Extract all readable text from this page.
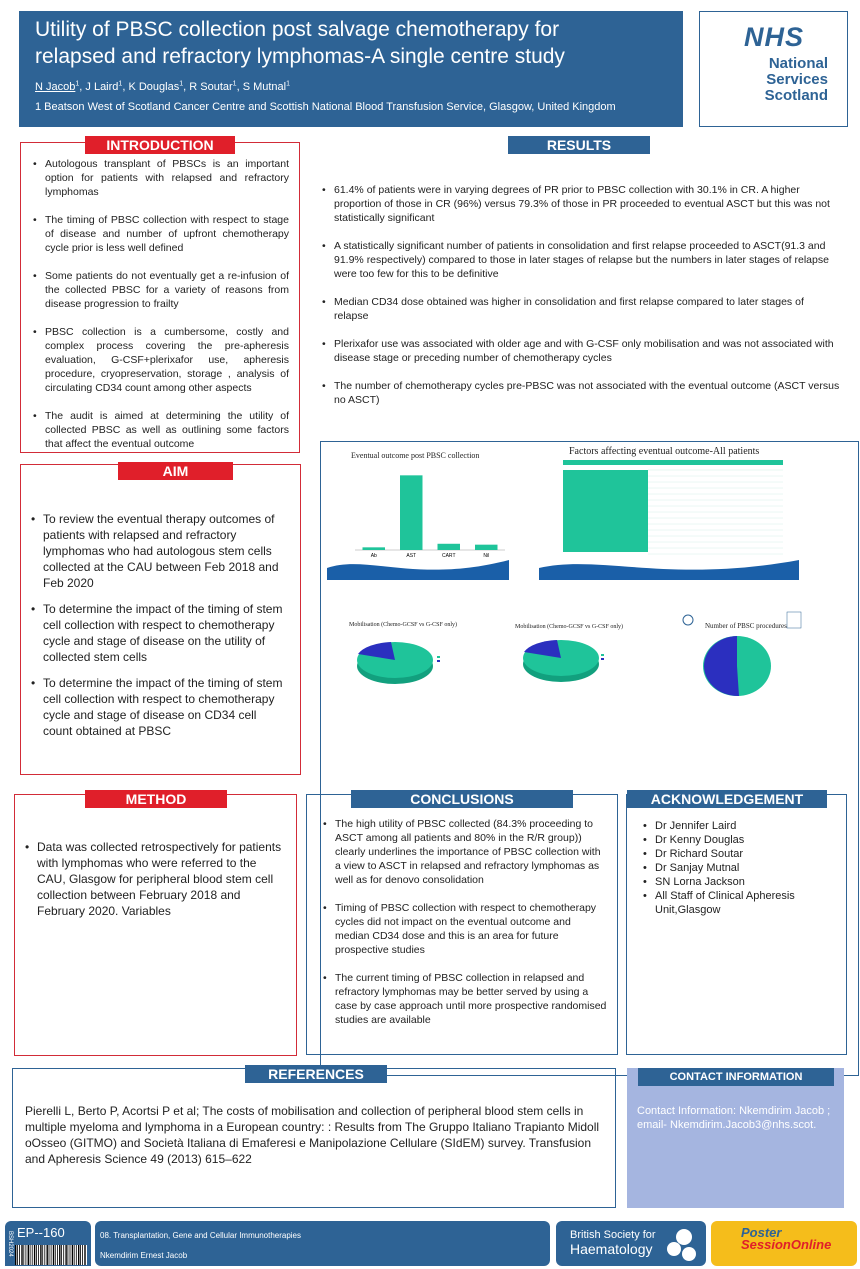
Utility of PBSC collection post salvage chemotherapy for
relapsed and refractory lymphomas-A single centre study
N Jacob$^1$, J Laird$^1$, K Douglas$^1$, R Soutar$^1$, S Mutnal$^1$
1 Beatson West of Scotland Cancer Centre and Scottish National Blood Transfusion Service, Glasgow, United Kingdom
NHS
National
Services
Scotland
INTRODUCTION
• Autologous transplant of PBSCs is an important option for patients with relapsed and refractory lymphomas
• The timing of PBSC collection with respect to stage of disease and number of upfront chemotherapy cycle prior is less well defined
• Some patients do not eventually get a re-infusion of the collected PBSC for a variety of reasons from disease progression to frailty
• PBSC collection is a cumbersome, costly and complex process covering the pre-apheresis evaluation, G-CSF+plerixafor use, apheresis procedure, cryopreservation, storage , analysis of circulating CD34 count among other aspects
• The audit is aimed at determining the utility of collected PBSC as well as outlining some factors that affect the eventual outcome
AIM
• To review the eventual therapy outcomes of patients with relapsed and refractory lymphomas who had autologous stem cells collected at the CAU between Feb 2018 and Feb 2020
• To determine the impact of the timing of stem cell collection with respect to chemotherapy cycle and stage of disease on the utility of collected stem cells
• To determine the impact of the timing of stem cell collection with respect to chemotherapy cycle and stage of disease on CD34 cell count obtained at PBSC
METHOD
• Data was collected retrospectively for patients with lymphomas who were referred to the CAU, Glasgow for peripheral blood stem cell collection between February 2018 and February 2020. Variables
RESULTS
• 61.4% of patients were in varying degrees of PR prior to PBSC collection with 30.1% in CR. A higher proportion of those in CR (96%) versus 79.3% of those in PR proceeded to eventual ASCT but this was not statistically significant
• A statistically significant number of patients in consolidation and first relapse proceeded to ASCT(91.3 and 91.9% respectively) compared to those in later stages of relapse but the numbers in later stages of relapse were too few for this to be definitive
• Median CD34 dose obtained was higher in consolidation and first relapse compared to later stages of relapse
• Plerixafor use was associated with older age and with G-CSF only mobilisation and was not associated with disease stage or preceding number of chemotherapy cycles
• The number of chemotherapy cycles pre-PBSC was not associated with the eventual outcome (ASCT versus no ASCT)
Eventual outcome post PBSC collection
Ab	AST	CART	Nil
Factors affecting eventual outcome-All patients
Mobilisation (Chemo-GCSF vs G-CSF only)	Mobilisation (Chemo-GCSF vs G-CSF only)	Number of PBSC procedures
CONCLUSIONS
• The high utility of PBSC collected (84.3% proceeding to ASCT among all patients and 80% in the R/R group)) clearly underlines the importance of PBSC collection with a view to ASCT in relapsed and refractory lymphomas as well as for denovo consolidation
• Timing of PBSC collection with respect to chemotherapy cycles did not impact on the eventual outcome and median CD34 dose and this is an area for future prospective studies
• The current timing of PBSC collection in relapsed and refractory lymphomas may be better served by using a case by case approach until more prospective randomised studies are available
ACKNOWLEDGEMENT
• Dr Jennifer Laird
• Dr Kenny Douglas
• Dr Richard Soutar
• Dr Sanjay Mutnal
• SN Lorna Jackson
• All Staff of Clinical Apheresis Unit,Glasgow
REFERENCES

Pierelli L, Berto P, Acortsi P et al; The costs of mobilisation and collection of peripheral blood stem cells in multiple myeloma and lymphoma in a European country: : Results from The Gruppo Italiano Trapianto Midoll oOsseo (GITMO) and Società Italiana di Emaferesi e Manipolazione Cellulare (SIdEM) survey. Transfusion and Apheresis Science 49 (2013) 615–622

CONTACT INFORMATION

Contact Information: Nkemdirim Jacob ; email- Nkemdirim.Jacob3@nhs.scot.

BSH2024 EP--160	08. Transplantation, Gene and Cellular Immunotherapies
Nkemdirim Ernest Jacob
British Society for
Haematology
Poster
SessionOnline
